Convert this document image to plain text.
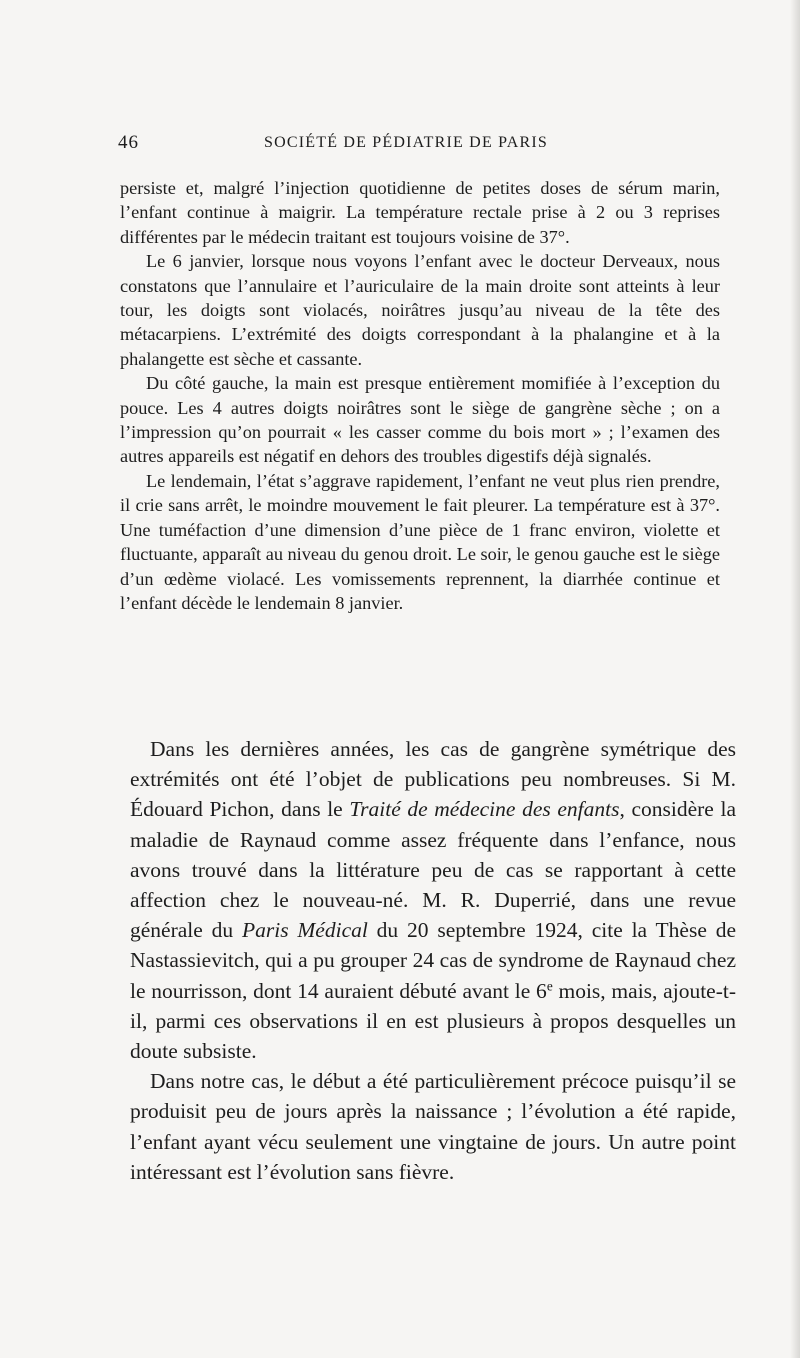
46	SOCIÉTÉ DE PÉDIATRIE DE PARIS

persiste et, malgré l’injection quotidienne de petites doses de sérum marin, l’enfant continue à maigrir. La température rectale prise à 2 ou 3 reprises différentes par le médecin traitant est toujours voisine de 37°.

Le 6 janvier, lorsque nous voyons l’enfant avec le docteur Derveaux, nous constatons que l’annulaire et l’auriculaire de la main droite sont atteints à leur tour, les doigts sont violacés, noirâtres jusqu’au niveau de la tête des métacarpiens. L’extrémité des doigts correspondant à la phalangine et à la phalangette est sèche et cassante.

Du côté gauche, la main est presque entièrement momifiée à l’exception du pouce. Les 4 autres doigts noirâtres sont le siège de gangrène sèche ; on a l’impression qu’on pourrait « les casser comme du bois mort » ; l’examen des autres appareils est négatif en dehors des troubles digestifs déjà signalés.

Le lendemain, l’état s’aggrave rapidement, l’enfant ne veut plus rien prendre, il crie sans arrêt, le moindre mouvement le fait pleurer. La température est à 37°. Une tuméfaction d’une dimension d’une pièce de 1 franc environ, violette et fluctuante, apparaît au niveau du genou droit. Le soir, le genou gauche est le siège d’un œdème violacé. Les vomissements reprennent, la diarrhée continue et l’enfant décède le lendemain 8 janvier.

Dans les dernières années, les cas de gangrène symétrique des extrémités ont été l’objet de publications peu nombreuses. Si M. Édouard Pichon, dans le Traité de médecine des enfants, considère la maladie de Raynaud comme assez fréquente dans l’enfance, nous avons trouvé dans la littérature peu de cas se rapportant à cette affection chez le nouveau-né. M. R. Duperrié, dans une revue générale du Paris Médical du 20 septembre 1924, cite la Thèse de Nastassievitch, qui a pu grouper 24 cas de syndrome de Raynaud chez le nourrisson, dont 14 auraient débuté avant le 6e mois, mais, ajoute-t-il, parmi ces observations il en est plusieurs à propos desquelles un doute subsiste.

Dans notre cas, le début a été particulièrement précoce puisqu’il se produisit peu de jours après la naissance ; l’évolution a été rapide, l’enfant ayant vécu seulement une vingtaine de jours. Un autre point intéressant est l’évolution sans fièvre.
